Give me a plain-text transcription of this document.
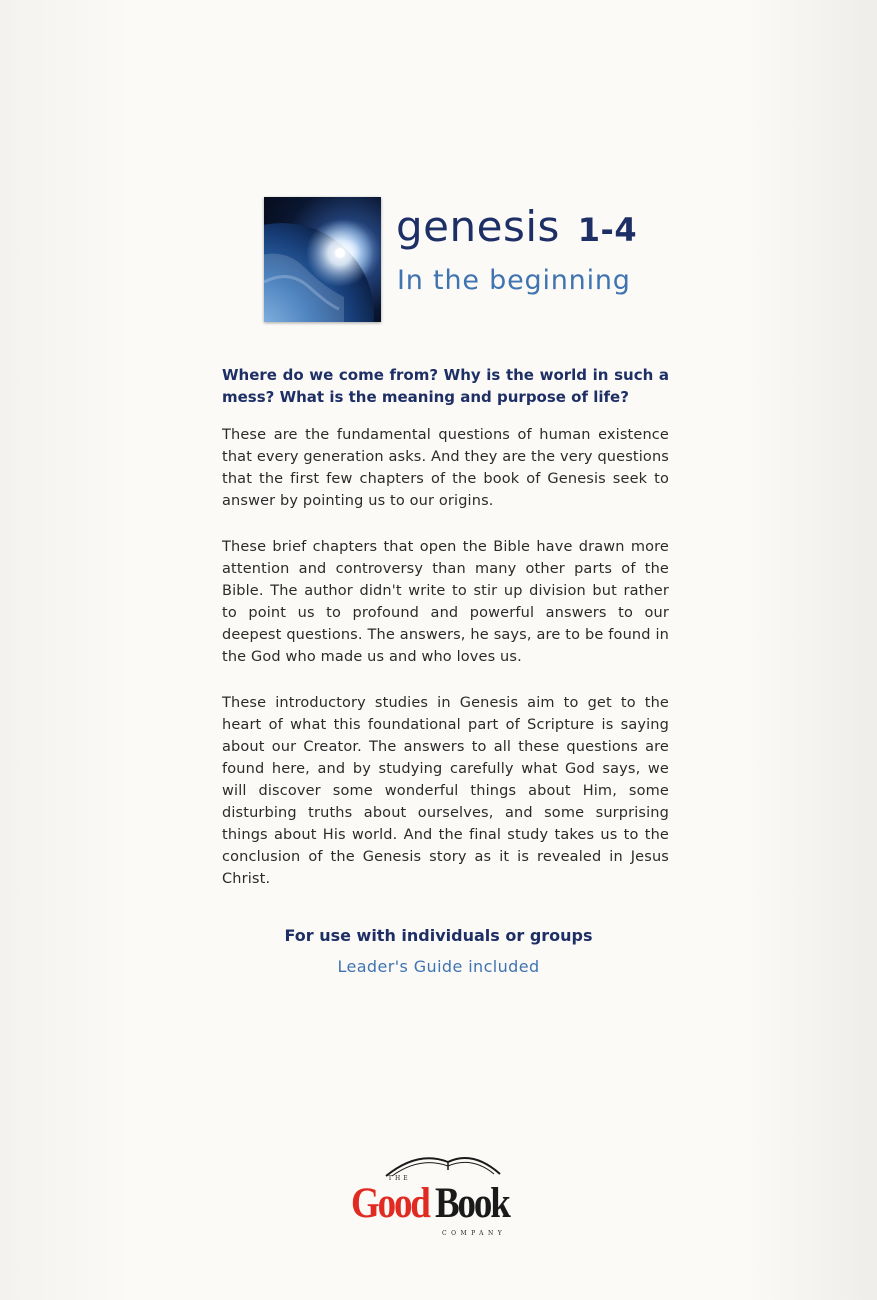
genesis 1-4
In the beginning

Where do we come from? Why is the world in such a mess? What is the meaning and purpose of life?

These are the fundamental questions of human existence that every generation asks. And they are the very questions that the first few chapters of the book of Genesis seek to answer by pointing us to our origins.

These brief chapters that open the Bible have drawn more attention and controversy than many other parts of the Bible. The author didn't write to stir up division but rather to point us to profound and powerful answers to our deepest questions. The answers, he says, are to be found in the God who made us and who loves us.

These introductory studies in Genesis aim to get to the heart of what this foundational part of Scripture is saying about our Creator. The answers to all these questions are found here, and by studying carefully what God says, we will discover some wonderful things about Him, some disturbing truths about ourselves, and some surprising things about His world. And the final study takes us to the conclusion of the Genesis story as it is revealed in Jesus Christ.

For use with individuals or groups
Leader's Guide included
THE
Good Book
COMPANY
